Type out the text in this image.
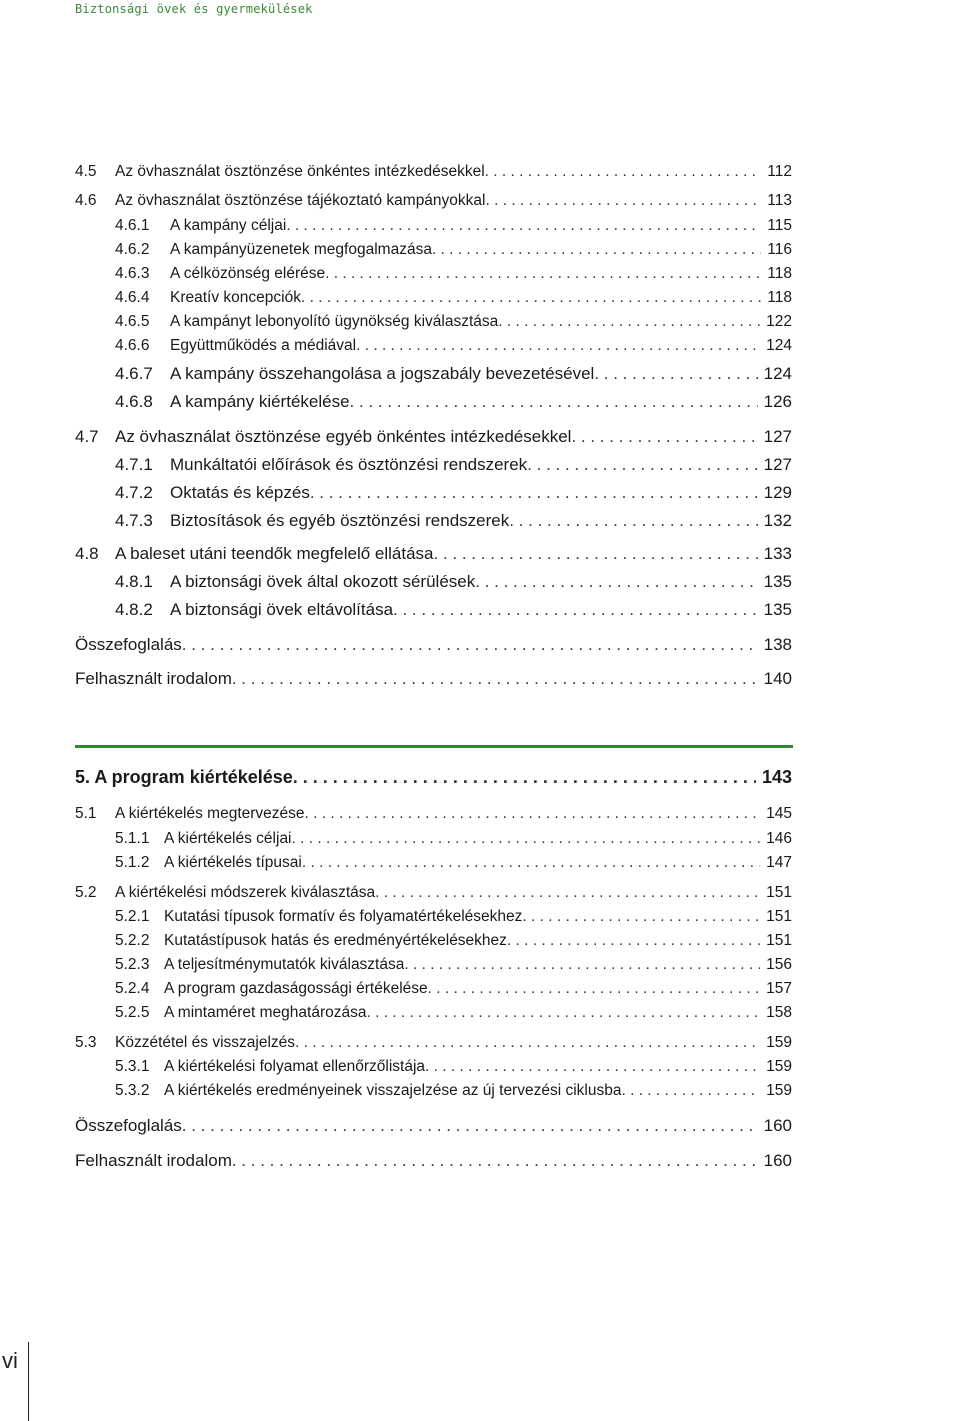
Biztonsági övek és gyermekülések
4.5	Az övhasználat ösztönzése önkéntes intézkedésekkel . . .	112
4.6	Az övhasználat ösztönzése tájékoztató kampányokkal . . .	113
4.6.1	A kampány céljai . . .	115
4.6.2	A kampányüzenetek megfogalmazása . . .	116
4.6.3	A célközönség elérése . . .	118
4.6.4	Kreatív koncepciók . . .	118
4.6.5	A kampányt lebonyolító ügynökség kiválasztása . . .	122
4.6.6	Együttműködés a médiával . . .	124
4.6.7	A kampány összehangolása a jogszabály bevezetésével . . .	124
4.6.8	A kampány kiértékelése . . .	126
4.7 Az övhasználat ösztönzése egyéb önkéntes intézkedésekkel . . .	127
4.7.1	Munkáltatói előírások és ösztönzési rendszerek . . .	127
4.7.2	Oktatás és képzés . . .	129
4.7.3	Biztosítások és egyéb ösztönzési rendszerek . . .	132
4.8 A baleset utáni teendők megfelelő ellátása . . .	133
4.8.1	A biztonsági övek által okozott sérülések . . .	135
4.8.2	A biztonsági övek eltávolítása . . .	135
Összefoglalás . . .	138
Felhasznált irodalom . . .	140
5. A program kiértékelése . . .	143
5.1	A kiértékelés megtervezése . . .	145
5.1.1 A kiértékelés céljai . . .	146
5.1.2 A kiértékelés típusai . . .	147
5.2	A kiértékelési módszerek kiválasztása . . .	151
5.2.1 Kutatási típusok formatív és folyamatértékelésekhez . . .	151
5.2.2 Kutatástípusok hatás és eredményértékelésekhez . . .	151
5.2.3 A teljesítménymutatók kiválasztása . . .	156
5.2.4 A program gazdaságossági értékelése . . .	157
5.2.5 A mintaméret meghatározása . . .	158
5.3	Közzététel és visszajelzés . . .	159
5.3.1 A kiértékelési folyamat ellenőrzőlistája . . .	159
5.3.2 A kiértékelés eredményeinek visszajelzése az új tervezési ciklusba . . .	159
Összefoglalás . . .	160
Felhasznált irodalom . . .	160
vi
